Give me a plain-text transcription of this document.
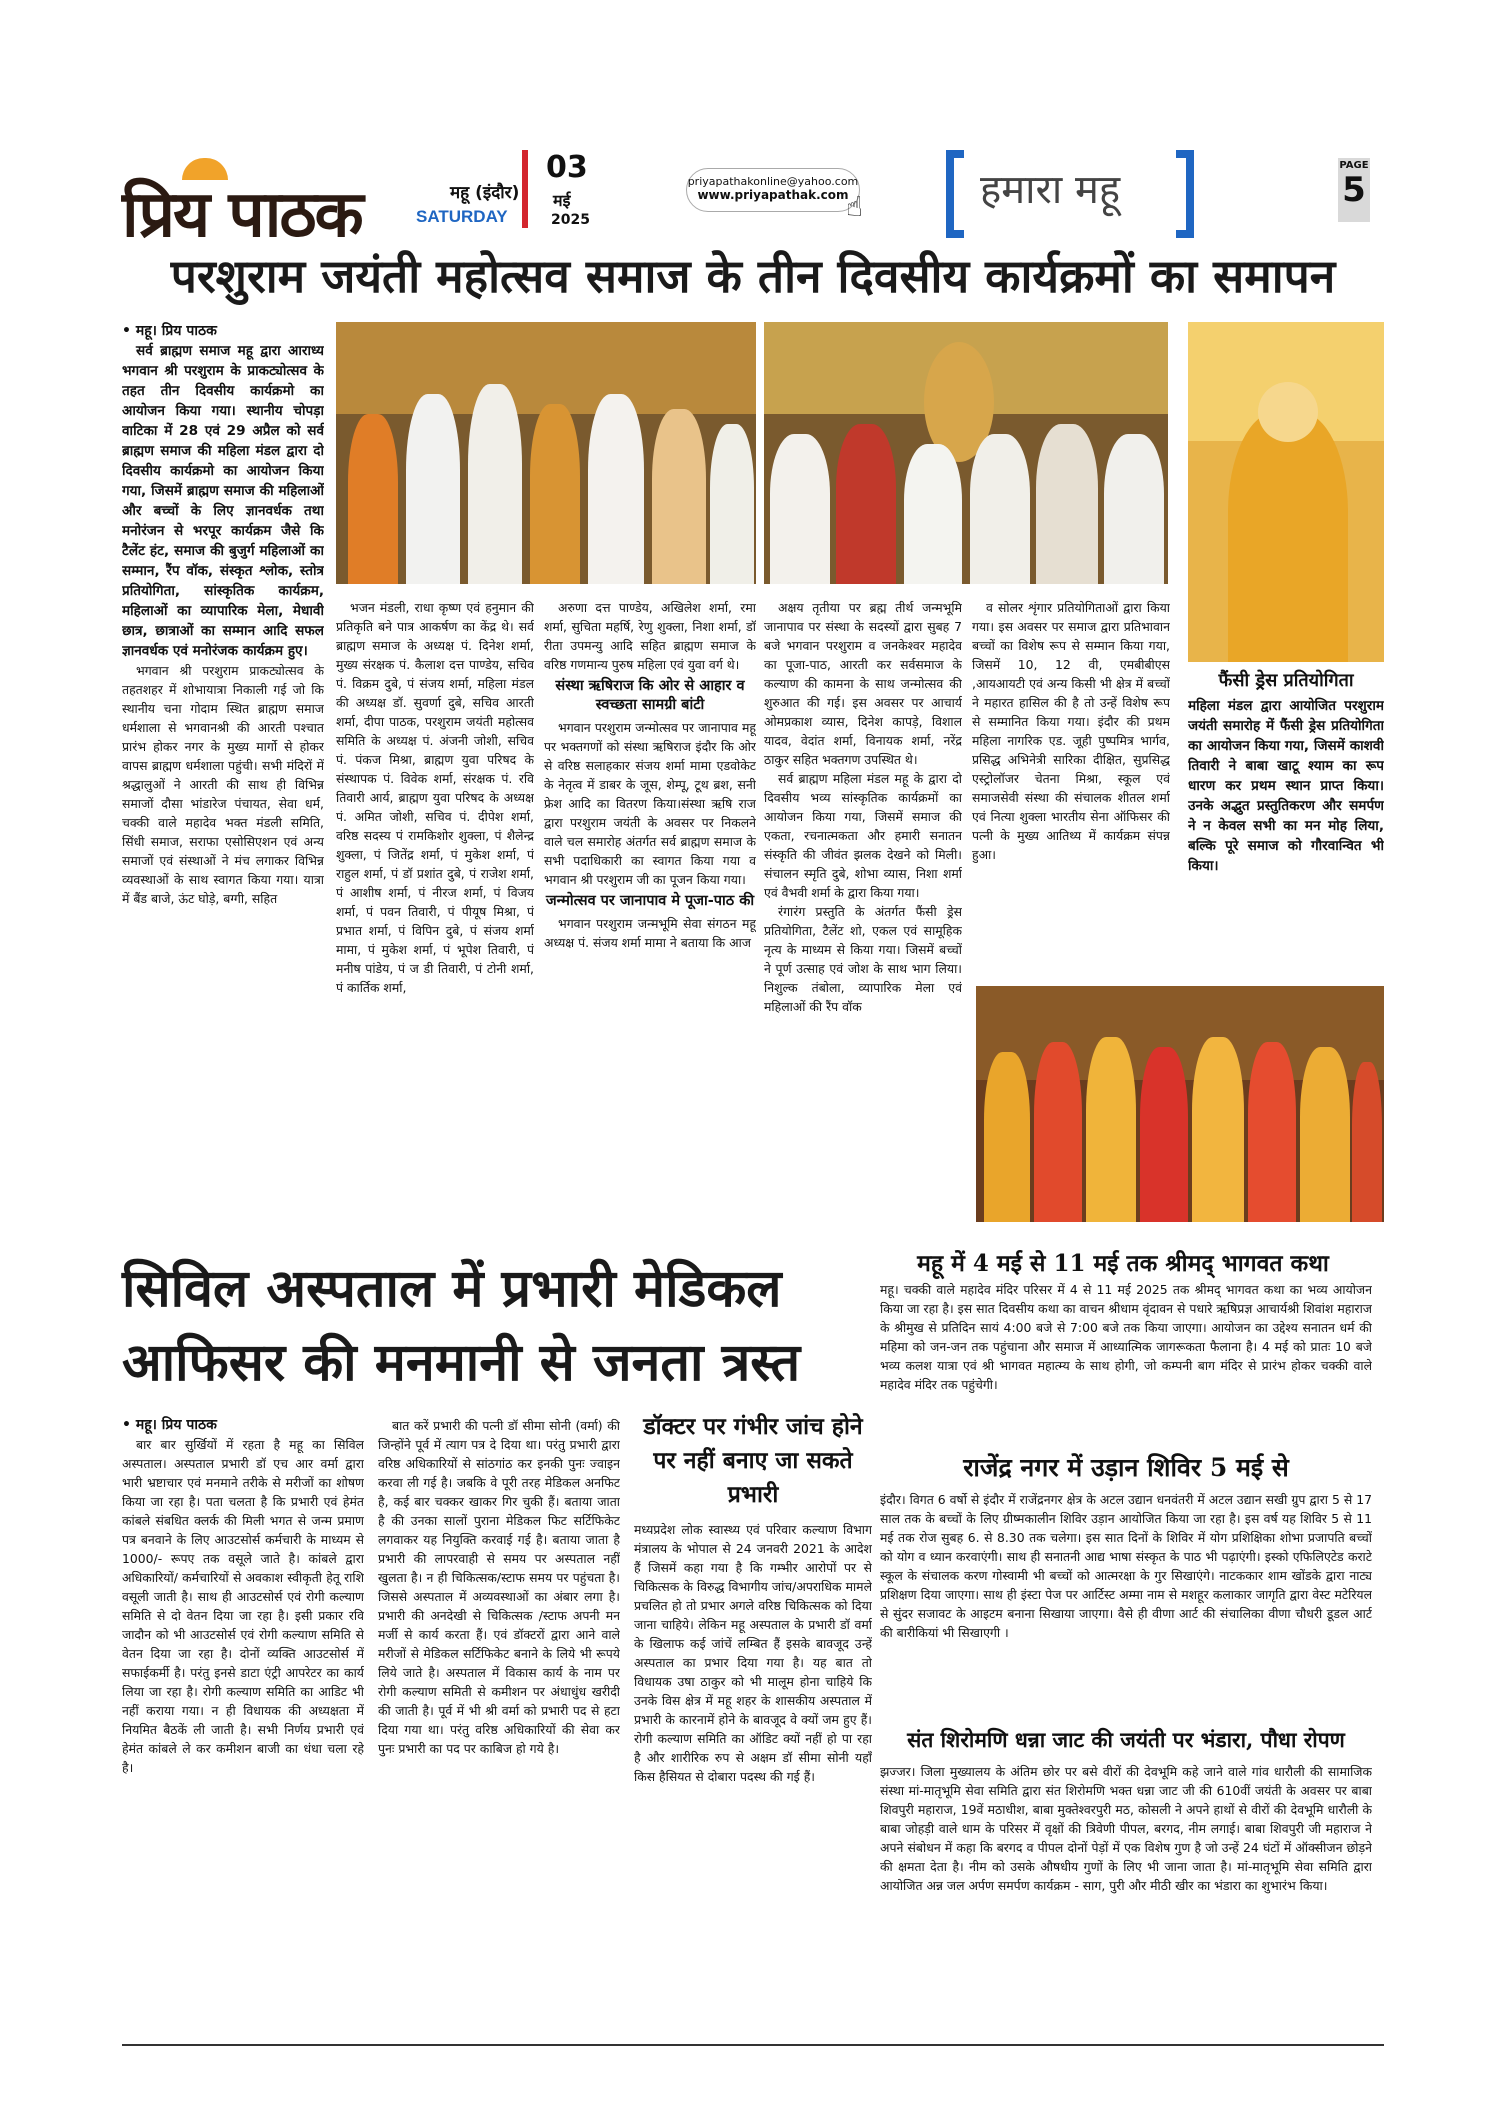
प्रिय पाठक	महू (इंदौर)
SATURDAY
03
मई
2025
priyapathakonline@yahoo.com
www.priyapathak.com
☝	हमारा महू
PAGE
5
परशुराम जयंती महोत्सव समाज के तीन दिवसीय कार्यक्रमों का समापन
• महू। प्रिय पाठक

सर्व ब्राह्मण समाज महू द्वारा आराध्य भगवान श्री परशुराम के प्राकट्योत्सव के तहत तीन दिवसीय कार्यक्रमो का आयोजन किया गया। स्थानीय चोपड़ा वाटिका में 28 एवं 29 अप्रैल को सर्व ब्राह्मण समाज की महिला मंडल द्वारा दो दिवसीय कार्यक्रमो का आयोजन किया गया, जिसमें ब्राह्मण समाज की महिलाओं और बच्चों के लिए ज्ञानवर्धक तथा मनोरंजन से भरपूर कार्यक्रम जैसे कि टैलेंट हंट, समाज की बुजुर्ग महिलाओं का सम्मान, रैंप वॉक, संस्कृत श्लोक, स्तोत्र प्रतियोगिता, सांस्कृतिक कार्यक्रम, महिलाओं का व्यापारिक मेला, मेधावी छात्र, छात्राओं का सम्मान आदि सफल ज्ञानवर्धक एवं मनोरंजक कार्यक्रम हुए।

भगवान श्री परशुराम प्राकट्योत्सव के तहतशहर में शोभायात्रा निकाली गई जो कि स्थानीय चना गोदाम स्थित ब्राह्मण समाज धर्मशाला से भगवानश्री की आरती पश्चात प्रारंभ होकर नगर के मुख्य मार्गो से होकर वापस ब्राह्मण धर्मशाला पहुंची। सभी मंदिरों में श्रद्धालुओं ने आरती की साथ ही विभिन्न समाजों दौसा भांडारेज पंचायत, सेवा धर्म, चक्की वाले महादेव भक्त मंडली समिति, सिंधी समाज, सराफा एसोसिएशन एवं अन्य समाजों एवं संस्थाओं ने मंच लगाकर विभिन्न व्यवस्थाओं के साथ स्वागत किया गया। यात्रा में बैंड बाजे, ऊंट घोड़े, बग्गी, सहित

भजन मंडली, राधा कृष्ण एवं हनुमान की प्रतिकृति बने पात्र आकर्षण का केंद्र थे। सर्व ब्राह्मण समाज के अध्यक्ष पं. दिनेश शर्मा, मुख्य संरक्षक पं. कैलाश दत्त पाण्डेय, सचिव पं. विक्रम दुबे, पं संजय शर्मा, महिला मंडल की अध्यक्ष डॉ. सुवर्णा दुबे, सचिव आरती शर्मा, दीपा पाठक, परशुराम जयंती महोत्सव समिति के अध्यक्ष पं. अंजनी जोशी, सचिव पं. पंकज मिश्रा, ब्राह्मण युवा परिषद के संस्थापक पं. विवेक शर्मा, संरक्षक पं. रवि तिवारी आर्य, ब्राह्मण युवा परिषद के अध्यक्ष पं. अमित जोशी, सचिव पं. दीपेश शर्मा, वरिष्ठ सदस्य पं रामकिशोर शुक्ला, पं शैलेन्द्र शुक्ला, पं जितेंद्र शर्मा, पं मुकेश शर्मा, पं राहुल शर्मा, पं डॉ प्रशांत दुबे, पं राजेश शर्मा, पं आशीष शर्मा, पं नीरज शर्मा, पं विजय शर्मा, पं पवन तिवारी, पं पीयूष मिश्रा, पं प्रभात शर्मा, पं विपिन दुबे, पं संजय शर्मा मामा, पं मुकेश शर्मा, पं भूपेश तिवारी, पं मनीष पांडेय, पं ज डी तिवारी, पं टोनी शर्मा, पं कार्तिक शर्मा,

अरुणा दत्त पाण्डेय, अखिलेश शर्मा, रमा शर्मा, सुचिता महर्षि, रेणु शुक्ला, निशा शर्मा, डॉ रीता उपमन्यु आदि सहित ब्राह्मण समाज के वरिष्ठ गणमान्य पुरुष महिला एवं युवा वर्ग थे।

संस्था ऋषिराज कि ओर से आहार व स्वच्छता सामग्री बांटी

भगवान परशुराम जन्मोत्सव पर जानापाव महू पर भक्तगणों को संस्था ऋषिराज इंदौर कि ओर से वरिष्ठ सलाहकार संजय शर्मा मामा एडवोकेट के नेतृत्व में डाबर के जूस, शेम्पू, टूथ ब्रश, सनी फ्रेश आदि का वितरण किया।संस्था ऋषि राज द्वारा परशुराम जयंती के अवसर पर निकलने वाले चल समारोह अंतर्गत सर्व ब्राह्मण समाज के सभी पदाधिकारी का स्वागत किया गया व भगवान श्री परशुराम जी का पूजन किया गया।

जन्मोत्सव पर जानापाव मे पूजा-पाठ की

भगवान परशुराम जन्मभूमि सेवा संगठन महू अध्यक्ष पं. संजय शर्मा मामा ने बताया कि आज

अक्षय तृतीया पर ब्रह्म तीर्थ जन्मभूमि जानापाव पर संस्था के सदस्यों द्वारा सुबह 7 बजे भगवान परशुराम व जनकेश्वर महादेव का पूजा-पाठ, आरती कर सर्वसमाज के कल्याण की कामना के साथ जन्मोत्सव की शुरुआत की गई। इस अवसर पर आचार्य ओमप्रकाश व्यास, दिनेश कापड़े, विशाल यादव, वेदांत शर्मा, विनायक शर्मा, नरेंद्र ठाकुर सहित भक्तगण उपस्थित थे।

सर्व ब्राह्मण महिला मंडल महू के द्वारा दो दिवसीय भव्य सांस्कृतिक कार्यक्रमों का आयोजन किया गया, जिसमें समाज की एकता, रचनात्मकता और हमारी सनातन संस्कृति की जीवंत झलक देखने को मिली। संचालन स्मृति दुबे, शोभा व्यास, निशा शर्मा एवं वैभवी शर्मा के द्वारा किया गया।

रंगारंग प्रस्तुति के अंतर्गत फैंसी ड्रेस प्रतियोगिता, टैलेंट शो, एकल एवं सामूहिक नृत्य के माध्यम से किया गया। जिसमें बच्चों ने पूर्ण उत्साह एवं जोश के साथ भाग लिया। निशुल्क तंबोला, व्यापारिक मेला एवं महिलाओं की रैंप वॉक

व सोलर शृंगार प्रतियोगिताओं द्वारा किया गया। इस अवसर पर समाज द्वारा प्रतिभावान बच्चों का विशेष रूप से सम्मान किया गया, जिसमें 10, 12 वी, एमबीबीएस ,आयआयटी एवं अन्य किसी भी क्षेत्र में बच्चों ने महारत हासिल की है तो उन्हें विशेष रूप से सम्मानित किया गया। इंदौर की प्रथम महिला नागरिक एड. जूही पुष्पमित्र भार्गव, प्रसिद्ध अभिनेत्री सारिका दीक्षित, सुप्रसिद्ध एस्ट्रोलॉजर चेतना मिश्रा, स्कूल एवं समाजसेवी संस्था की संचालक शीतल शर्मा एवं नित्या शुक्ला भारतीय सेना ऑफिसर की पत्नी के मुख्य आतिथ्य में कार्यक्रम संपन्न हुआ।

फैंसी ड्रेस प्रतियोगिता
महिला मंडल द्वारा आयोजित परशुराम जयंती समारोह में फैंसी ड्रेस प्रतियोगिता का आयोजन किया गया, जिसमें काशवी तिवारी ने बाबा खाटू श्याम का रूप धारण कर प्रथम स्थान प्राप्त किया। उनके अद्भुत प्रस्तुतिकरण और समर्पण ने न केवल सभी का मन मोह लिया, बल्कि पूरे समाज को गौरवान्वित भी किया।
सिविल अस्पताल में प्रभारी मेडिकल आफिसर की मनमानी से जनता त्रस्त
• महू। प्रिय पाठक

बार बार सुर्खियों में रहता है महू का सिविल अस्पताल। अस्पताल प्रभारी डॉ एच आर वर्मा द्वारा भारी भ्रष्टाचार एवं मनमाने तरीके से मरीजों का शोषण किया जा रहा है। पता चलता है कि प्रभारी एवं हेमंत कांबले संबधित क्लर्क की मिली भगत से जन्म प्रमाण पत्र बनवाने के लिए आउटसोर्स कर्मचारी के माध्यम से 1000/- रूपए तक वसूले जाते है। कांबले द्वारा अधिकारियों/ कर्मचारियों से अवकाश स्वीकृती हेतू राशि वसूली जाती है। साथ ही आउटसोर्स एवं रोगी कल्याण समिति से दो वेतन दिया जा रहा है। इसी प्रकार रवि जादौन को भी आउटसोर्स एवं रोगी कल्याण समिति से वेतन दिया जा रहा है। दोनों व्यक्ति आउटसोर्स में सफाईकर्मी है। परंतु इनसे डाटा एंट्री आपरेटर का कार्य लिया जा रहा है। रोगी कल्याण समिति का आडिट भी नहीं कराया गया। न ही विधायक की अध्यक्षता में नियमित बैठकें ली जाती है। सभी निर्णय प्रभारी एवं हेमंत कांबले ले कर कमीशन बाजी का धंधा चला रहे है।

बात करें प्रभारी की पत्नी डॉ सीमा सोनी (वर्मा) की जिन्होंने पूर्व में त्याग पत्र दे दिया था। परंतु प्रभारी द्वारा वरिष्ठ अधिकारियों से सांठगांठ कर इनकी पुनः ज्वाइन करवा ली गई है। जबकि वे पूरी तरह मेडिकल अनफिट है, कई बार चक्कर खाकर गिर चुकी हैं। बताया जाता है की उनका सालों पुराना मेडिकल फिट सर्टिफिकेट लगवाकर यह नियुक्ति करवाई गई है। बताया जाता है प्रभारी की लापरवाही से समय पर अस्पताल नहीं खुलता है। न ही चिकित्सक/स्टाफ समय पर पहुंचता है। जिससे अस्पताल में अव्यवस्थाओं का अंबार लगा है। प्रभारी की अनदेखी से चिकित्सक /स्टाफ अपनी मन मर्जी से कार्य करता हैं। एवं डॉक्टरों द्वारा आने वाले मरीजों से मेडिकल सर्टिफिकेट बनाने के लिये भी रूपये लिये जाते है। अस्पताल में विकास कार्य के नाम पर रोगी कल्याण समिती से कमीशन पर अंधाधुंध खरीदी की जाती है। पूर्व में भी श्री वर्मा को प्रभारी पद से हटा दिया गया था। परंतु वरिष्ठ अधिकारियों की सेवा कर पुनः प्रभारी का पद पर काबिज हो गये है।

डॉक्टर पर गंभीर जांच होने पर नहीं बनाए जा सकते प्रभारी
मध्यप्रदेश लोक स्वास्थ्य एवं परिवार कल्याण विभाग मंत्रालय के भोपाल से 24 जनवरी 2021 के आदेश हैं जिसमें कहा गया है कि गम्भीर आरोपों पर से चिकित्सक के विरुद्ध विभागीय जांच/अपराधिक मामले प्रचलित हो तो प्रभार अगले वरिष्ठ चिकित्सक को दिया जाना चाहिये। लेकिन महू अस्पताल के प्रभारी डॉ वर्मा के खिलाफ कई जांचें लम्बित हैं इसके बावजूद उन्हें अस्पताल का प्रभार दिया गया है। यह बात तो विधायक उषा ठाकुर को भी मालूम होना चाहिये कि उनके विस क्षेत्र में महू शहर के शासकीय अस्पताल में प्रभारी के कारनामें होने के बावजूद वे क्यों जम हुए हैं। रोगी कल्याण समिति का ऑडिट क्यों नहीं हो पा रहा है और शारीरिक रुप से अक्षम डॉ सीमा सोनी यहाँ किस हैसियत से दोबारा पदस्थ की गई हैं।
महू में 4 मई से 11 मई तक श्रीमद् भागवत कथा
महू। चक्की वाले महादेव मंदिर परिसर में 4 से 11 मई 2025 तक श्रीमद् भागवत कथा का भव्य आयोजन किया जा रहा है। इस सात दिवसीय कथा का वाचन श्रीधाम वृंदावन से पधारे ऋषिप्रज्ञ आचार्यश्री शिवांश महाराज के श्रीमुख से प्रतिदिन सायं 4:00 बजे से 7:00 बजे तक किया जाएगा। आयोजन का उद्देश्य सनातन धर्म की महिमा को जन-जन तक पहुंचाना और समाज में आध्यात्मिक जागरूकता फैलाना है। 4 मई को प्रातः 10 बजे भव्य कलश यात्रा एवं श्री भागवत महात्म्य के साथ होगी, जो कम्पनी बाग मंदिर से प्रारंभ होकर चक्की वाले महादेव मंदिर तक पहुंचेगी।
राजेंद्र नगर में उड़ान शिविर 5 मई से
इंदौर। विगत 6 वर्षो से इंदौर में राजेंद्रनगर क्षेत्र के अटल उद्यान धनवंतरी में अटल उद्यान सखी ग्रुप द्वारा 5 से 17 साल तक के बच्चों के लिए ग्रीष्मकालीन शिविर उड़ान आयोजित किया जा रहा है। इस वर्ष यह शिविर 5 से 11 मई तक रोज सुबह 6. से 8.30 तक चलेगा। इस सात दिनों के शिविर में योग प्रशिक्षिका शोभा प्रजापति बच्चों को योग व ध्यान करवाएंगी। साथ ही सनातनी आद्य भाषा संस्कृत के पाठ भी पढ़ाएंगी। इस्को एफिलिएटेड कराटे स्कूल के संचालक करण गोस्वामी भी बच्चों को आत्मरक्षा के गुर सिखाएंगे। नाटककार शाम खोंडके द्वारा नाट्य प्रशिक्षण दिया जाएगा। साथ ही इंस्टा पेज पर आर्टिस्ट अम्मा नाम से मशहूर कलाकार जागृति द्वारा वेस्ट मटेरियल से सुंदर सजावट के आइटम बनाना सिखाया जाएगा। वैसे ही वीणा आर्ट की संचालिका वीणा चौधरी डूडल आर्ट की बारीकियां भी सिखाएगी ।
संत शिरोमणि धन्ना जाट की जयंती पर भंडारा, पौधा रोपण
झज्जर। जिला मुख्यालय के अंतिम छोर पर बसे वीरों की देवभूमि कहे जाने वाले गांव धारौली की सामाजिक संस्था मां-मातृभूमि सेवा समिति द्वारा संत शिरोमणि भक्त धन्ना जाट जी की 610वीं जयंती के अवसर पर बाबा शिवपुरी महाराज, 19वें मठाधीश, बाबा मुक्तेश्वरपुरी मठ, कोसली ने अपने हाथों से वीरों की देवभूमि धारौली के बाबा जोहड़ी वाले धाम के परिसर में वृक्षों की त्रिवेणी पीपल, बरगद, नीम लगाई। बाबा शिवपुरी जी महाराज ने अपने संबोधन में कहा कि बरगद व पीपल दोनों पेड़ों में एक विशेष गुण है जो उन्हें 24 घंटों में ऑक्सीजन छोड़ने की क्षमता देता है। नीम को उसके औषधीय गुणों के लिए भी जाना जाता है। मां-मातृभूमि सेवा समिति द्वारा आयोजित अन्न जल अर्पण समर्पण कार्यक्रम - साग, पुरी और मीठी खीर का भंडारा का शुभारंभ किया।
